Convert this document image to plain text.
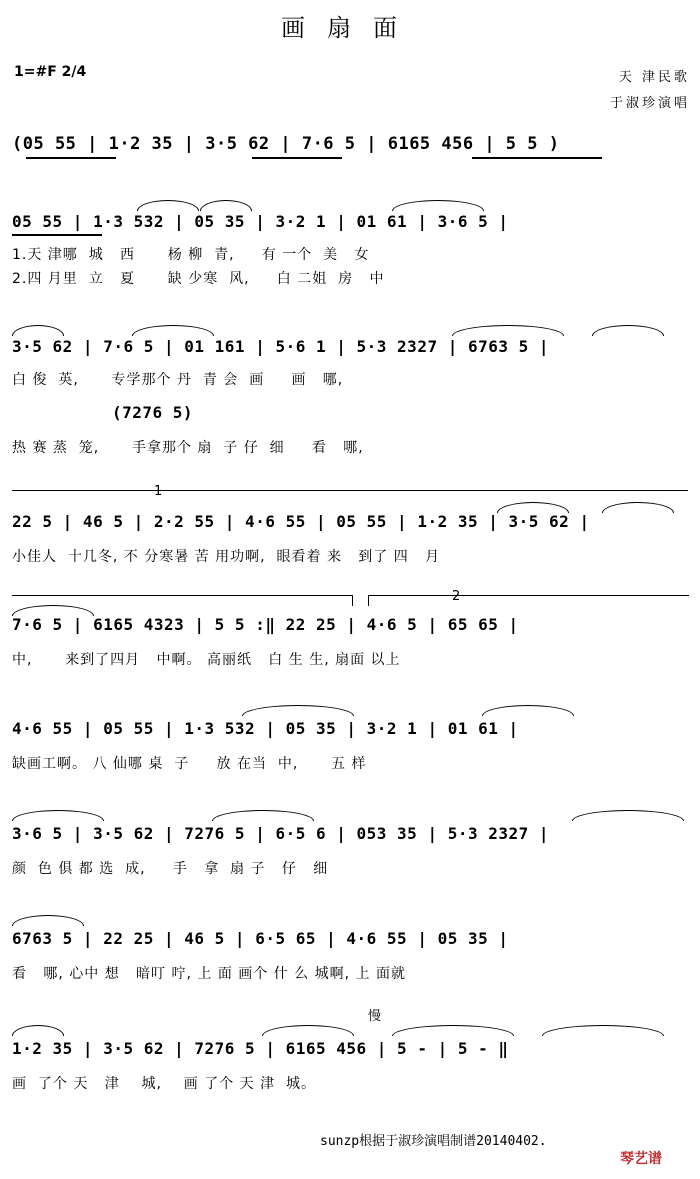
画扇面
1=#F 2/4	天 津民歌
于淑珍演唱
(05 55 | 1·2 35 | 3·5 62 | 7·6 5 | 6165 456 | 5 5 )
05 55 | 1·3 532 | 05 35 | 3·2 1 | 01 61 | 3·6 5 |
1.天 津哪  城   西      杨 柳  青,     有 一个  美   女
2.四 月里  立   夏      缺 少寒  风,     白 二姐  房   中
3·5 62 | 7·6 5 | 01 161 | 5·6 1 | 5·3 2327 | 6763 5 |
白 俊  英,      专学那个 丹  青 会  画     画   哪,
(7276 5)
热 赛 蒸  笼,      手拿那个 扇  子 仔  细     看   哪,
1
22 5 | 46 5 | 2·2 55 | 4·6 55 | 05 55 | 1·2 35 | 3·5 62 |
小佳人  十几冬, 不 分寒暑 苦 用功啊,  眼看着 来   到了 四   月
2
7·6 5 | 6165 4323 | 5 5 :‖ 22 25 | 4·6 5 | 65 65 |
中,      来到了四月   中啊。 高丽纸   白 生 生, 扇面 以上
4·6 55 | 05 55 | 1·3 532 | 05 35 | 3·2 1 | 01 61 |
缺画工啊。 八 仙哪 桌  子     放 在当  中,      五 样
3·6 5 | 3·5 62 | 7276 5 | 6·5 6 | 053 35 | 5·3 2327 |
颜  色 俱 都 选  成,     手   拿  扇 子   仔   细
6763 5 | 22 25 | 46 5 | 6·5 65 | 4·6 55 | 05 35 |
看   哪, 心中 想   暗叮 咛, 上 面 画个 什 么 城啊, 上 面就
慢
1·2 35 | 3·5 62 | 7276 5 | 6165 456 | 5 - | 5 - ‖
画  了个 天   津    城,    画 了个 天 津  城。
sunzp根据于淑珍演唱制谱20140402.
琴艺谱
